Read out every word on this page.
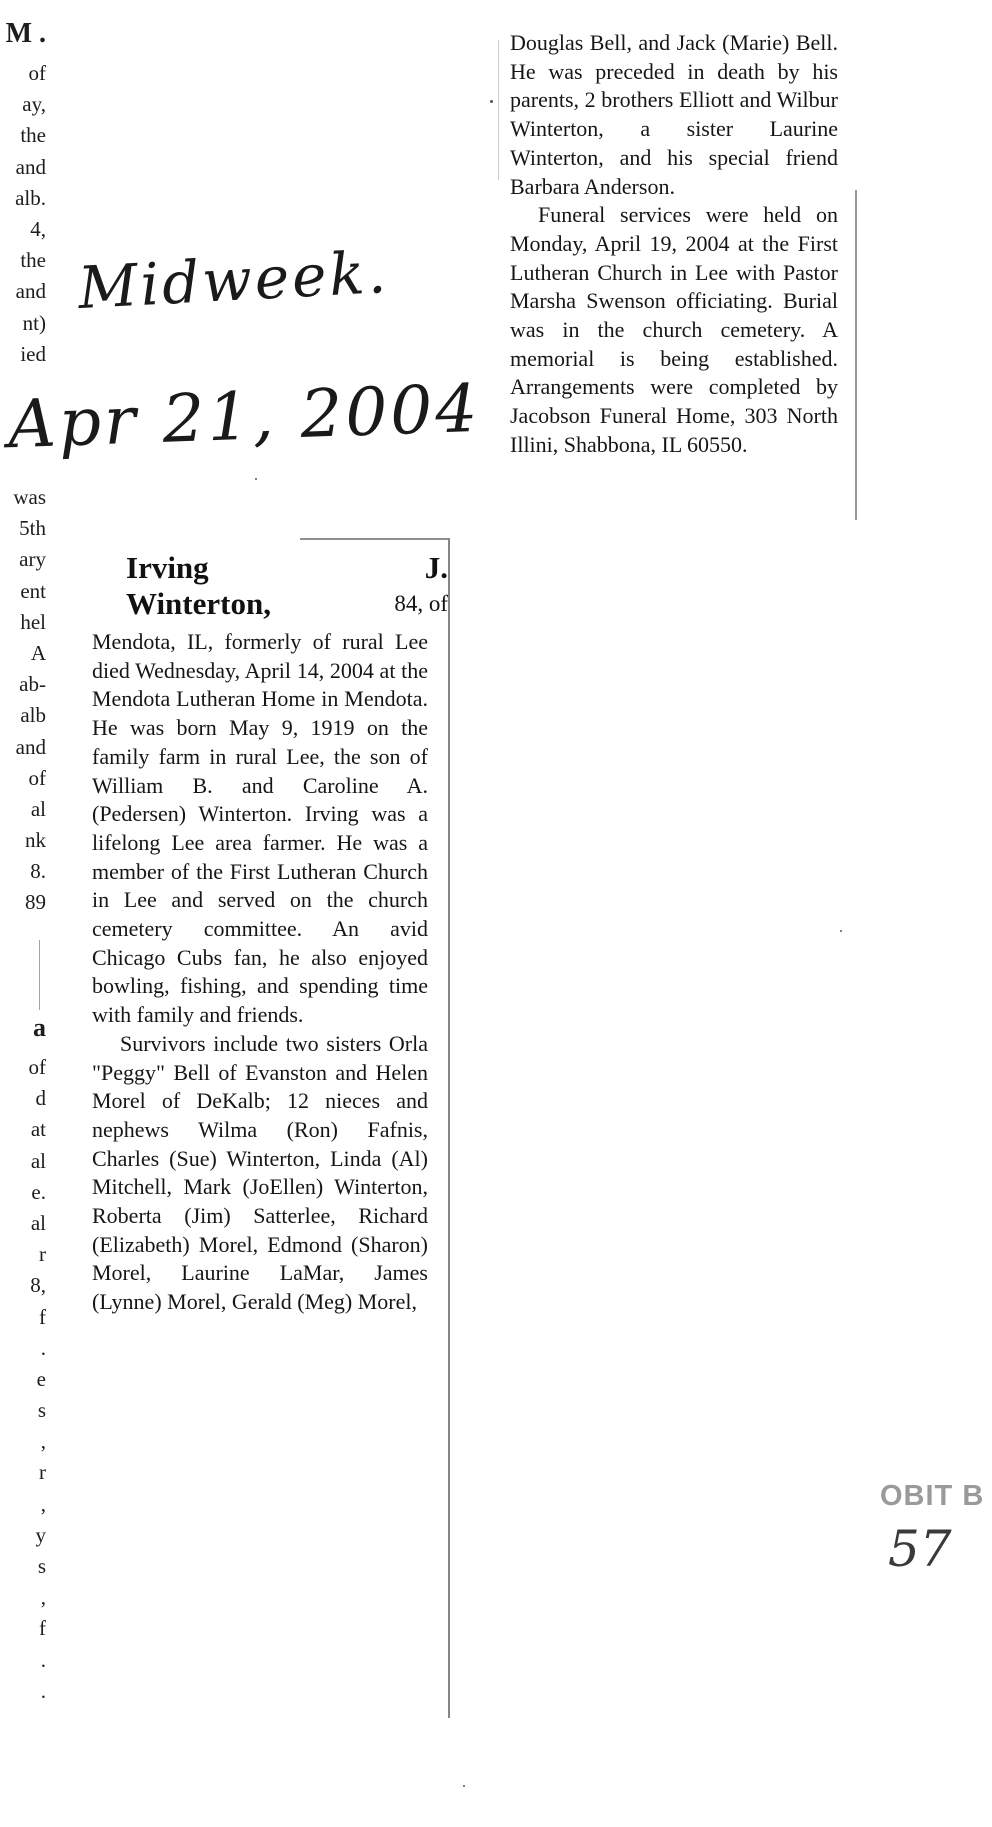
M .
of
ay,
the
and
alb.
4,
the
and
nt)
ied
was
5th
ary
ent
hel
A
ab-
alb
and
of
al
nk
8.
89
a
of
d
at
al
e.
al
r
8,
f
.
e
s
,
r
,
y
s
,
f
.
.
Midweek.
Apr 21, 2004
Irving	J.
Winterton,	84, of

Mendota, IL, formerly of rural Lee died Wednesday, April 14, 2004 at the Mendota Lutheran Home in Mendota. He was born May 9, 1919 on the family farm in rural Lee, the son of William B. and Caroline A. (Pedersen) Winterton. Irving was a lifelong Lee area farmer. He was a member of the First Lutheran Church in Lee and served on the church cemetery committee. An avid Chicago Cubs fan, he also enjoyed bowling, fishing, and spending time with family and friends.

Survivors include two sisters Orla "Peggy" Bell of Evanston and Helen Morel of DeKalb; 12 nieces and nephews Wilma (Ron) Fafnis, Charles (Sue) Winterton, Linda (Al) Mitchell, Mark (JoEllen) Winterton, Roberta (Jim) Satterlee, Richard (Elizabeth) Morel, Edmond (Sharon) Morel, Laurine LaMar, James (Lynne) Morel, Gerald (Meg) Morel,

Douglas Bell, and Jack (Marie) Bell. He was preceded in death by his parents, 2 brothers Elliott and Wilbur Winterton, a sister Laurine Winterton, and his special friend Barbara Anderson.

Funeral services were held on Monday, April 19, 2004 at the First Lutheran Church in Lee with Pastor Marsha Swenson officiating. Burial was in the church cemetery. A memorial is being established. Arrangements were completed by Jacobson Funeral Home, 303 North Illini, Shabbona, IL 60550.

OBIT B
57
